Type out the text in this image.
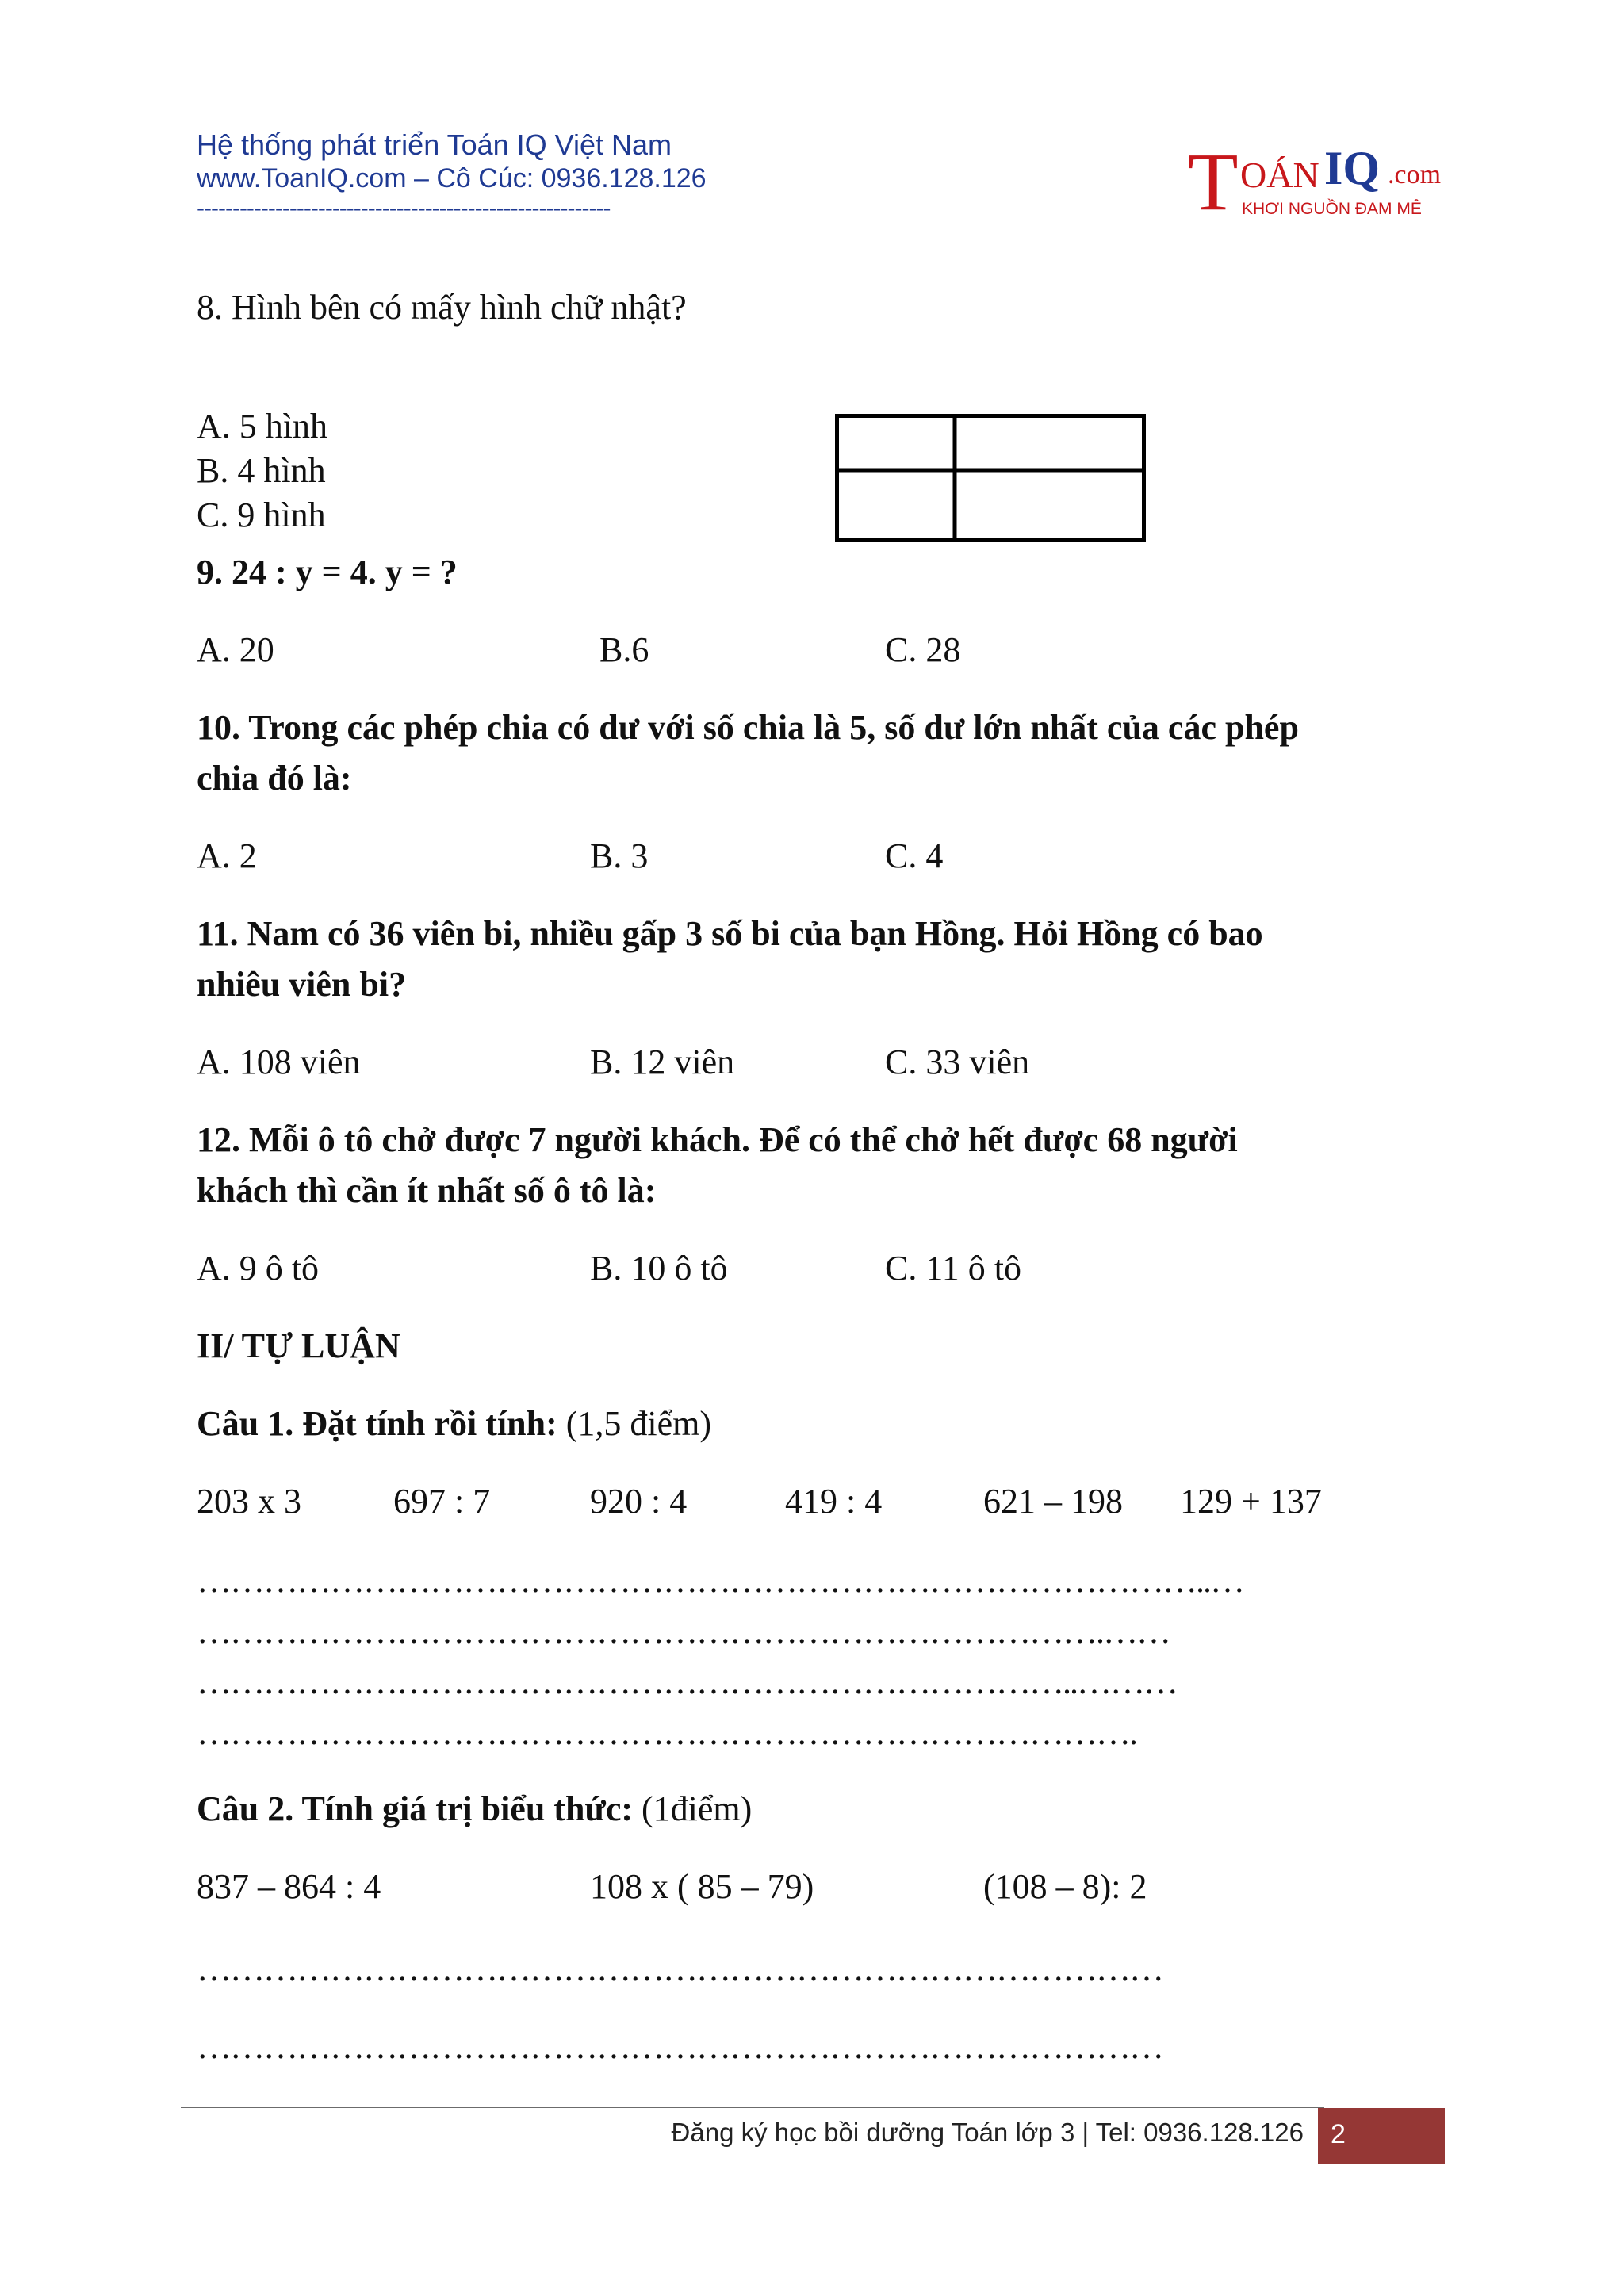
Hệ thống phát triển Toán IQ Việt Nam
www.ToanIQ.com – Cô Cúc: 0936.128.126
----------------------------------------------------------	T OÁN IQ .com
KHƠI NGUỒN ĐAM MÊ
8. Hình bên có mấy hình chữ nhật?
A. 5 hình
B. 4 hình
C. 9 hình
9. 24 : y = 4. y = ?
A. 20	B.6	C. 28
10. Trong các phép chia có dư với số chia là 5, số dư lớn nhất của các phép
chia đó là:
A. 2	B. 3	C. 4
11. Nam có 36 viên bi, nhiều gấp 3 số bi của bạn Hồng. Hỏi Hồng có bao
nhiêu viên bi?
A. 108 viên	B. 12 viên	C. 33 viên
12. Mỗi ô tô chở được 7 người khách. Để có thể chở hết được 68 người
khách thì cần ít nhất số ô tô là:
A. 9 ô tô	B. 10 ô tô	C. 11 ô tô
II/ TỰ LUẬN
Câu 1. Đặt tính rồi tính: (1,5 điểm)
203 x 3	697 : 7	920 : 4	419 : 4	621 – 198 129 + 137
………………………………………………………………………………..…
……………………………………………………………………….……
……………………………………………………………………..………
………………………………………………………………………….
Câu 2. Tính giá trị biểu thức: (1điểm)
837 – 864 : 4	108 x ( 85 – 79)	(108 – 8): 2
……………………………………………………………………………
……………………………………………………………………………
Đăng ký học bồi dưỡng Toán lớp 3 | Tel: 0936.128.126 2
